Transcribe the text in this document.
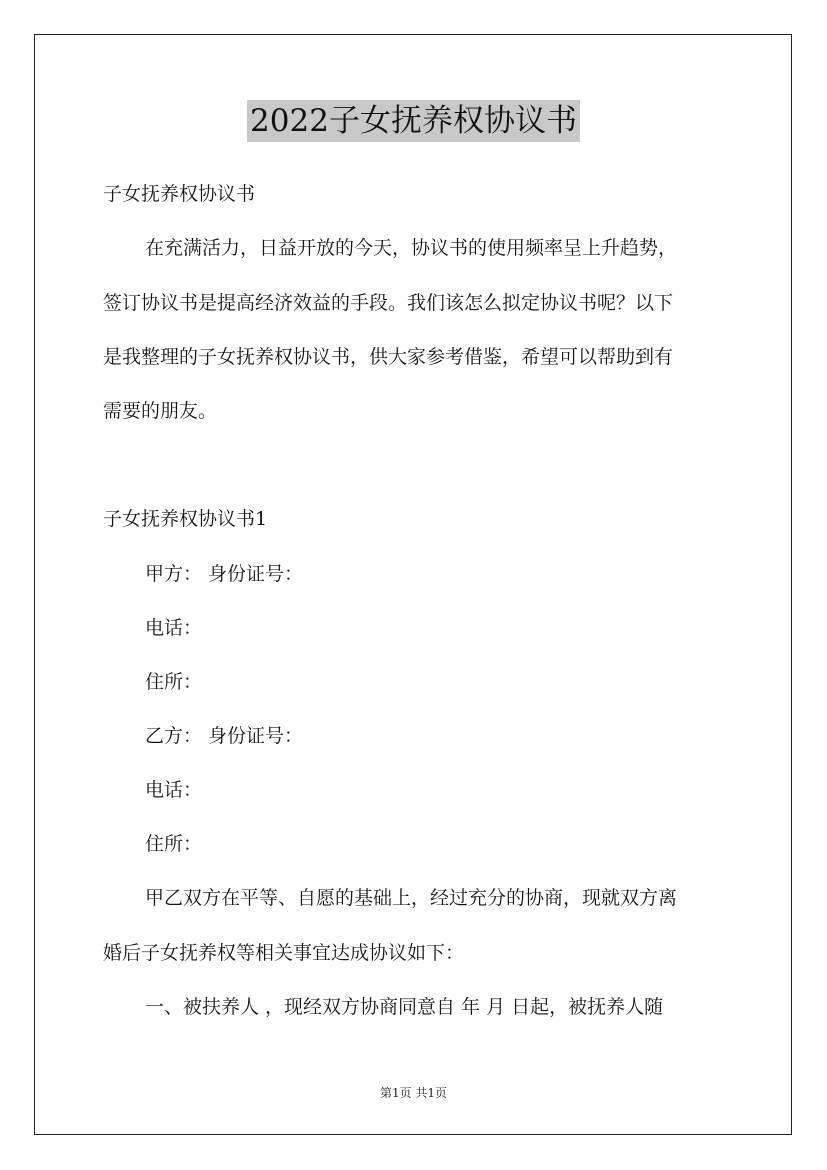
2022子女抚养权协议书
子女抚养权协议书
在充满活力，日益开放的今天，协议书的使用频率呈上升趋势，
签订协议书是提高经济效益的手段。我们该怎么拟定协议书呢？以下
是我整理的子女抚养权协议书，供大家参考借鉴，希望可以帮助到有
需要的朋友。
子女抚养权协议书1
甲方： 身份证号：
电话：
住所：
乙方： 身份证号：
电话：
住所：
甲乙双方在平等、自愿的基础上，经过充分的协商，现就双方离
婚后子女抚养权等相关事宜达成协议如下：
一、被扶养人 ，现经双方协商同意自 年 月 日起，被抚养人随
第1页 共1页
